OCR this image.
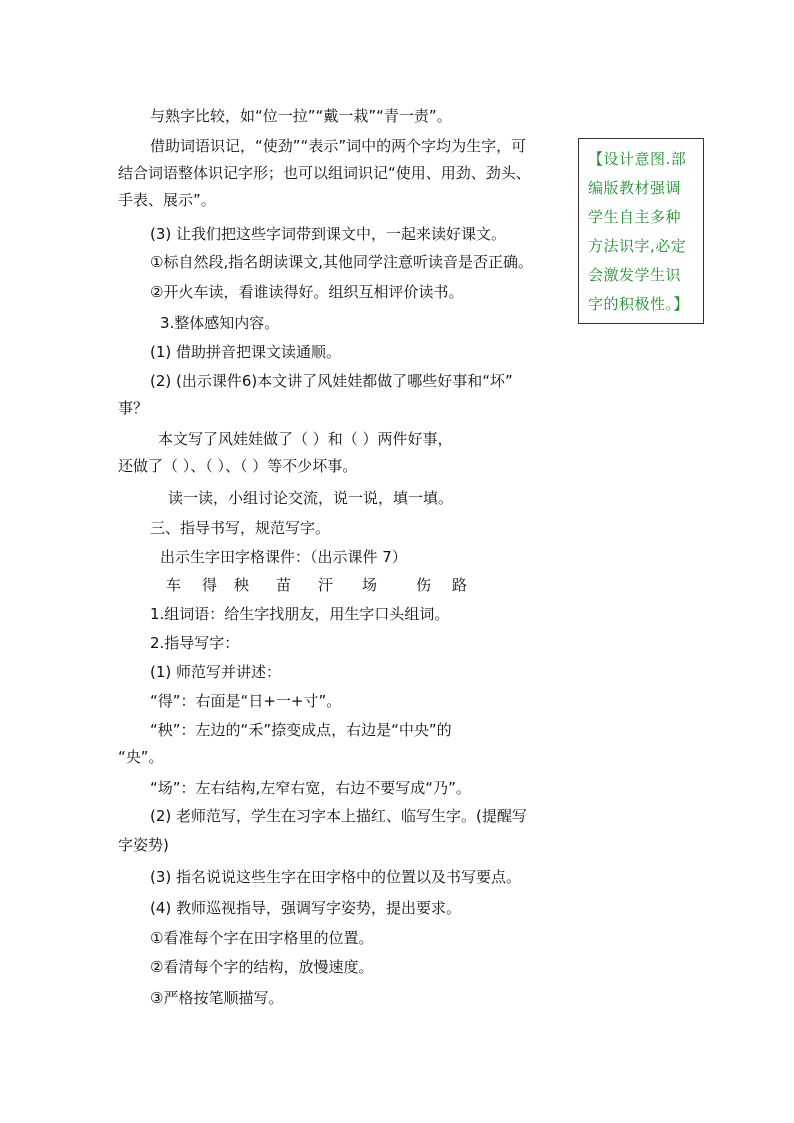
与熟字比较，如“位一拉”“戴一栽”“青一责”。
借助词语识记，“使劲”“表示”词中的两个字均为生字，可
结合词语整体识记字形；也可以组词识记“使用、用劲、劲头、
手表、展示”。
(3) 让我们把这些字词带到课文中，一起来读好课文。
①标自然段,指名朗读课文,其他同学注意听读音是否正确。
②开火车读，看谁读得好。组织互相评价读书。
3.整体感知内容。
(1) 借助拼音把课文读通顺。
(2) (出示课件6)本文讲了风娃娃都做了哪些好事和“坏”
事？
本文写了风娃娃做了（ ）和（ ）两件好事，
还做了（ ）、（ ）、（ ）等不少坏事。
读一读，小组讨论交流，说一说，填一填。
三、指导书写，规范写字。
出示生字田字格课件：（出示课件 7）
1.组词语：给生字找朋友，用生字口头组词。
2.指导写字：
(1) 师范写并讲述：
“得”：右面是“日+一+寸”。
“秧”：左边的“禾”捺变成点，右边是“中央”的
“央”。
“场”：左右结构,左窄右宽，右边不要写成“乃”。
(2) 老师范写，学生在习字本上描红、临写生字。(提醒写
字姿势)
(3) 指名说说这些生字在田字格中的位置以及书写要点。
(4) 教师巡视指导，强调写字姿势，提出要求。
①看准每个字在田字格里的位置。
②看清每个字的结构，放慢速度。
③严格按笔顺描写。
车 得 秧 苗 汗 场	伤 路
【设计意图.部
编版教材强调
学生自主多种
方法识字,必定
会激发学生识
字的积极性。】
